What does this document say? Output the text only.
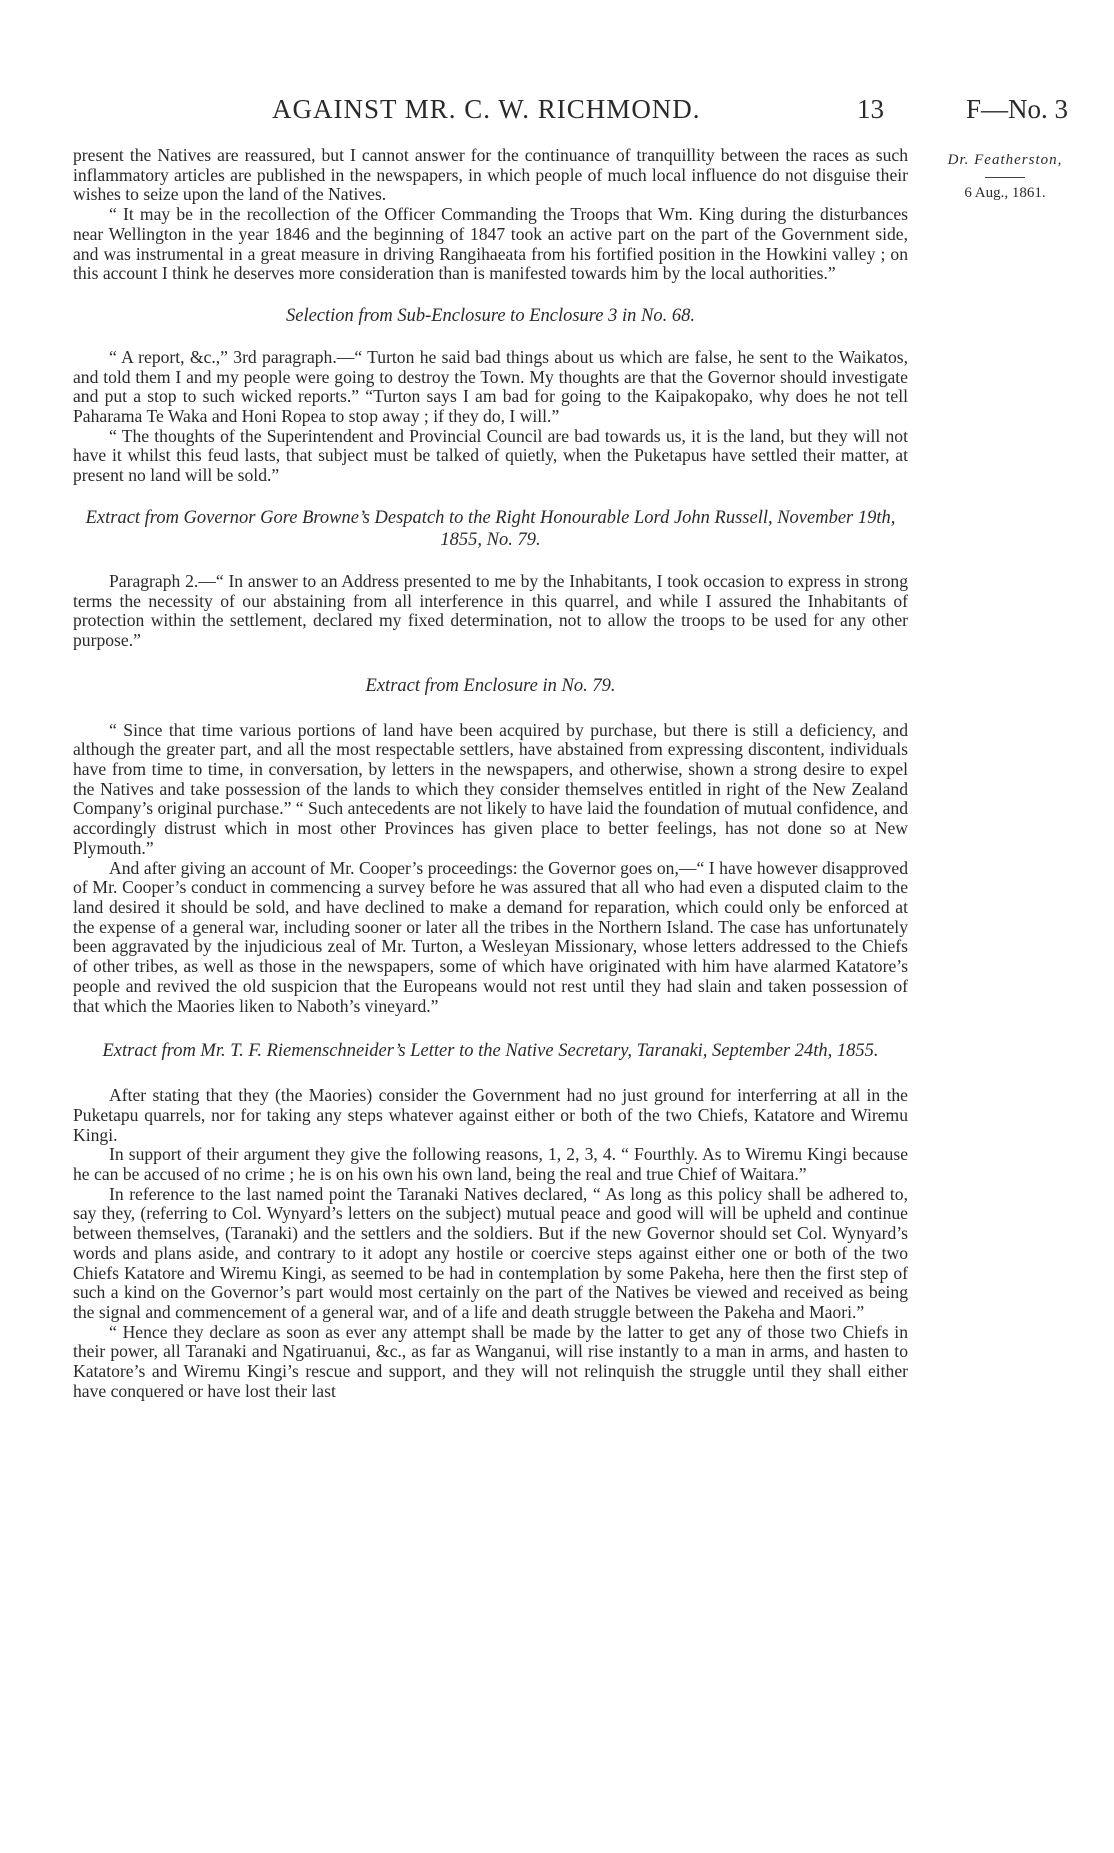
AGAINST MR. C. W. RICHMOND.	13	F—No. 3
Dr. Featherston,
6 Aug., 1861.

present the Natives are reassured, but I cannot answer for the continuance of tranquillity between the races as such inflammatory articles are published in the newspapers, in which people of much local influence do not disguise their wishes to seize upon the land of the Natives.

“ It may be in the recollection of the Officer Commanding the Troops that Wm. King during the disturbances near Wellington in the year 1846 and the beginning of 1847 took an active part on the part of the Government side, and was instrumental in a great measure in driving Rangihaeata from his fortified position in the Howkini valley ; on this account I think he deserves more consideration than is manifested towards him by the local authorities.”

Selection from Sub-Enclosure to Enclosure 3 in No. 68.

“ A report, &c.,” 3rd paragraph.—“ Turton he said bad things about us which are false, he sent to the Waikatos, and told them I and my people were going to destroy the Town. My thoughts are that the Governor should investigate and put a stop to such wicked reports.” “Turton says I am bad for going to the Kaipakopako, why does he not tell Paharama Te Waka and Honi Ropea to stop away ; if they do, I will.”

“ The thoughts of the Superintendent and Provincial Council are bad towards us, it is the land, but they will not have it whilst this feud lasts, that subject must be talked of quietly, when the Puketapus have settled their matter, at present no land will be sold.”

Extract from Governor Gore Browne’s Despatch to the Right Honourable Lord John Russell, November 19th, 1855, No. 79.

Paragraph 2.—“ In answer to an Address presented to me by the Inhabitants, I took occasion to express in strong terms the necessity of our abstaining from all interference in this quarrel, and while I assured the Inhabitants of protection within the settlement, declared my fixed determination, not to allow the troops to be used for any other purpose.”

Extract from Enclosure in No. 79.

“ Since that time various portions of land have been acquired by purchase, but there is still a deficiency, and although the greater part, and all the most respectable settlers, have abstained from expressing discontent, individuals have from time to time, in conversation, by letters in the newspapers, and otherwise, shown a strong desire to expel the Natives and take possession of the lands to which they consider themselves entitled in right of the New Zealand Company’s original purchase.” “ Such antecedents are not likely to have laid the foundation of mutual confidence, and accordingly distrust which in most other Provinces has given place to better feelings, has not done so at New Plymouth.”

And after giving an account of Mr. Cooper’s proceedings: the Governor goes on,—“ I have however disapproved of Mr. Cooper’s conduct in commencing a survey before he was assured that all who had even a disputed claim to the land desired it should be sold, and have declined to make a demand for reparation, which could only be enforced at the expense of a general war, including sooner or later all the tribes in the Northern Island. The case has unfortunately been aggravated by the injudicious zeal of Mr. Turton, a Wesleyan Missionary, whose letters addressed to the Chiefs of other tribes, as well as those in the newspapers, some of which have originated with him have alarmed Katatore’s people and revived the old suspicion that the Europeans would not rest until they had slain and taken possession of that which the Maories liken to Naboth’s vineyard.”

Extract from Mr. T. F. Riemenschneider’s Letter to the Native Secretary, Taranaki, September 24th, 1855.

After stating that they (the Maories) consider the Government had no just ground for interferring at all in the Puketapu quarrels, nor for taking any steps whatever against either or both of the two Chiefs, Katatore and Wiremu Kingi.

In support of their argument they give the following reasons, 1, 2, 3, 4. “ Fourthly. As to Wiremu Kingi because he can be accused of no crime ; he is on his own his own land, being the real and true Chief of Waitara.”

In reference to the last named point the Taranaki Natives declared, “ As long as this policy shall be adhered to, say they, (referring to Col. Wynyard’s letters on the subject) mutual peace and good will will be upheld and continue between themselves, (Taranaki) and the settlers and the soldiers. But if the new Governor should set Col. Wynyard’s words and plans aside, and contrary to it adopt any hostile or coercive steps against either one or both of the two Chiefs Katatore and Wiremu Kingi, as seemed to be had in contemplation by some Pakeha, here then the first step of such a kind on the Governor’s part would most certainly on the part of the Natives be viewed and received as being the signal and commencement of a general war, and of a life and death struggle between the Pakeha and Maori.”

“ Hence they declare as soon as ever any attempt shall be made by the latter to get any of those two Chiefs in their power, all Taranaki and Ngatiruanui, &c., as far as Wanganui, will rise instantly to a man in arms, and hasten to Katatore’s and Wiremu Kingi’s rescue and support, and they will not relinquish the struggle until they shall either have conquered or have lost their last
